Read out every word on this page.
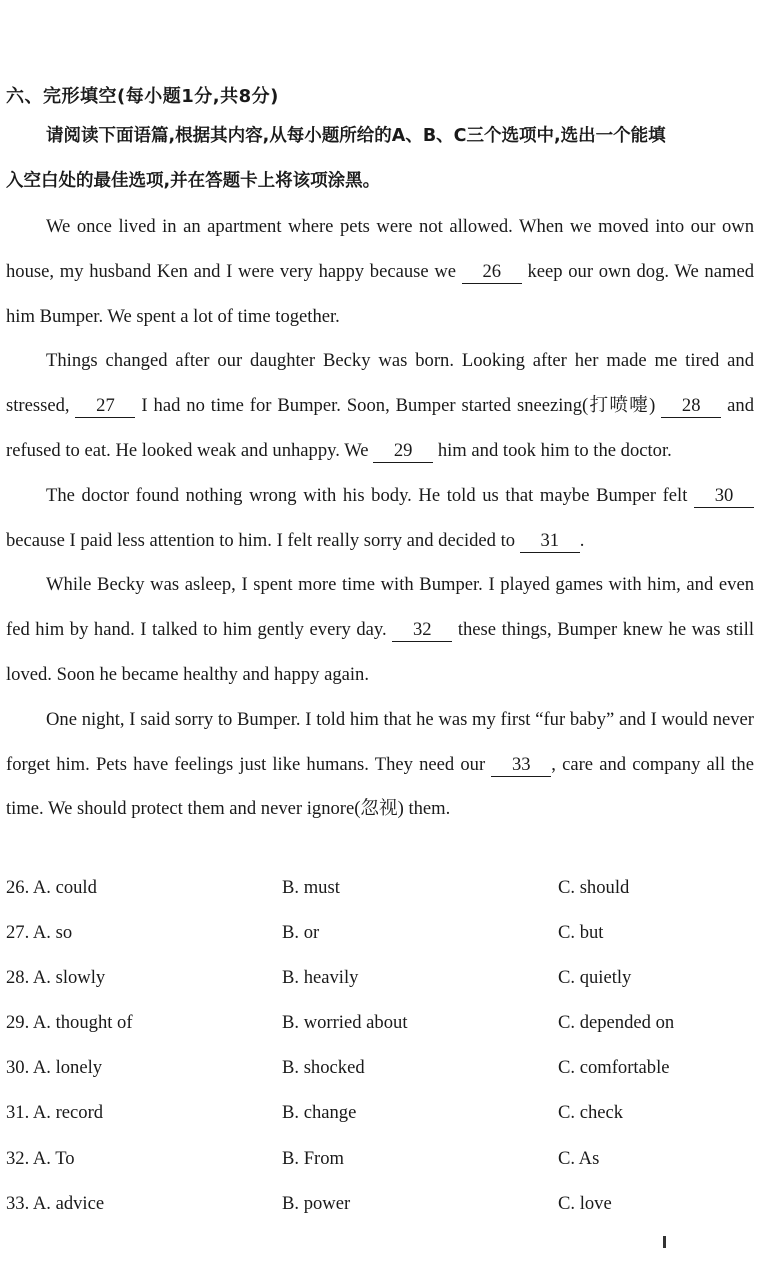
六、完形填空(每小题1分,共8分)
请阅读下面语篇,根据其内容,从每小题所给的A、B、C三个选项中,选出一个能填
入空白处的最佳选项,并在答题卡上将该项涂黑。

We once lived in an apartment where pets were not allowed. When we moved into our own house, my husband Ken and I were very happy because we 26 keep our own dog. We named him Bumper. We spent a lot of time together.

Things changed after our daughter Becky was born. Looking after her made me tired and stressed, 27 I had no time for Bumper. Soon, Bumper started sneezing(打喷嚏) 28 and refused to eat. He looked weak and unhappy. We 29 him and took him to the doctor.

The doctor found nothing wrong with his body. He told us that maybe Bumper felt 30 because I paid less attention to him. I felt really sorry and decided to 31 .

While Becky was asleep, I spent more time with Bumper. I played games with him, and even fed him by hand. I talked to him gently every day. 32 these things, Bumper knew he was still loved. Soon he became healthy and happy again.

One night, I said sorry to Bumper. I told him that he was my first “fur baby” and I would never forget him. Pets have feelings just like humans. They need our 33 , care and company all the time. We should protect them and never ignore(忽视) them.

26. A. could	B. must	C. should
27. A. so	B. or	C. but
28. A. slowly	B. heavily	C. quietly
29. A. thought of	B. worried about	C. depended on
30. A. lonely	B. shocked	C. comfortable
31. A. record	B. change	C. check
32. A. To	B. From	C. As
33. A. advice	B. power	C. love
